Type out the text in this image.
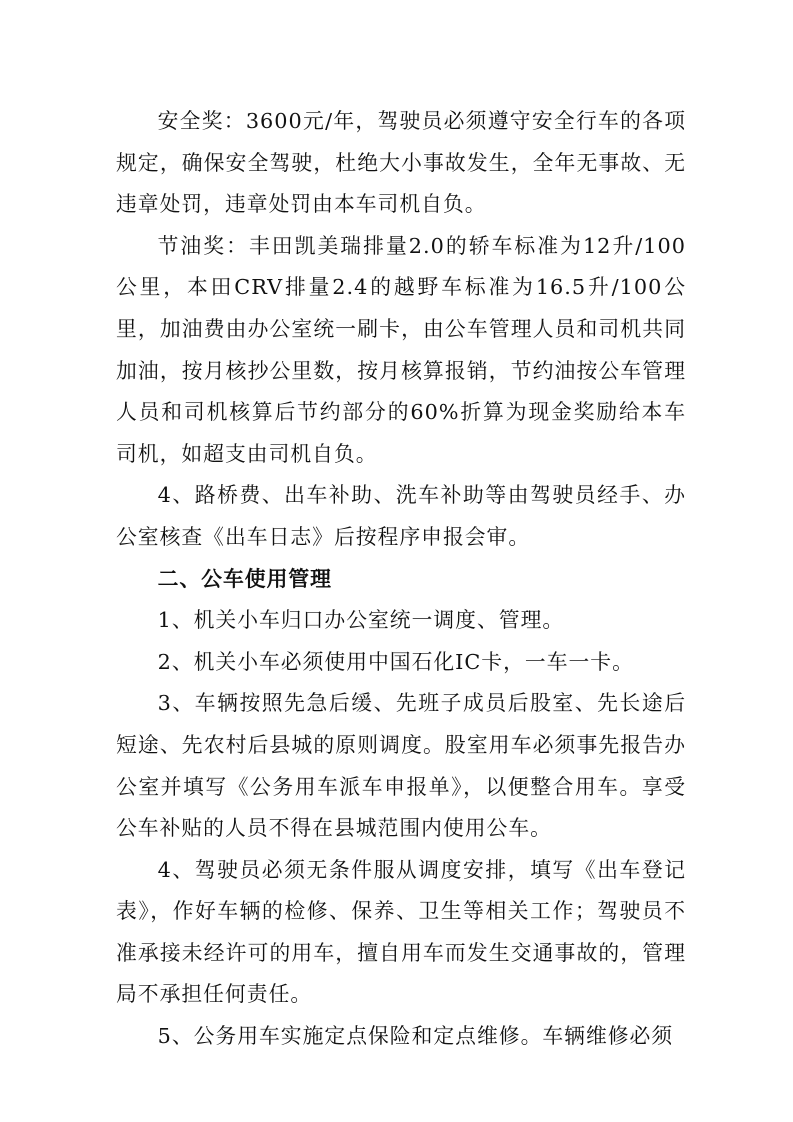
安全奖：3600元/年，驾驶员必须遵守安全行车的各项规定，确保安全驾驶，杜绝大小事故发生，全年无事故、无违章处罚，违章处罚由本车司机自负。

节油奖：丰田凯美瑞排量2.0的轿车标准为12升/100公里，本田CRV排量2.4的越野车标准为16.5升/100公里，加油费由办公室统一刷卡，由公车管理人员和司机共同加油，按月核抄公里数，按月核算报销，节约油按公车管理人员和司机核算后节约部分的60%折算为现金奖励给本车司机，如超支由司机自负。

4、路桥费、出车补助、洗车补助等由驾驶员经手、办公室核查《出车日志》后按程序申报会审。

二、公车使用管理

1、机关小车归口办公室统一调度、管理。

2、机关小车必须使用中国石化IC卡，一车一卡。

3、车辆按照先急后缓、先班子成员后股室、先长途后短途、先农村后县城的原则调度。股室用车必须事先报告办公室并填写《公务用车派车申报单》，以便整合用车。享受公车补贴的人员不得在县城范围内使用公车。

4、驾驶员必须无条件服从调度安排，填写《出车登记表》，作好车辆的检修、保养、卫生等相关工作；驾驶员不准承接未经许可的用车，擅自用车而发生交通事故的，管理局不承担任何责任。

5、公务用车实施定点保险和定点维修。车辆维修必须
